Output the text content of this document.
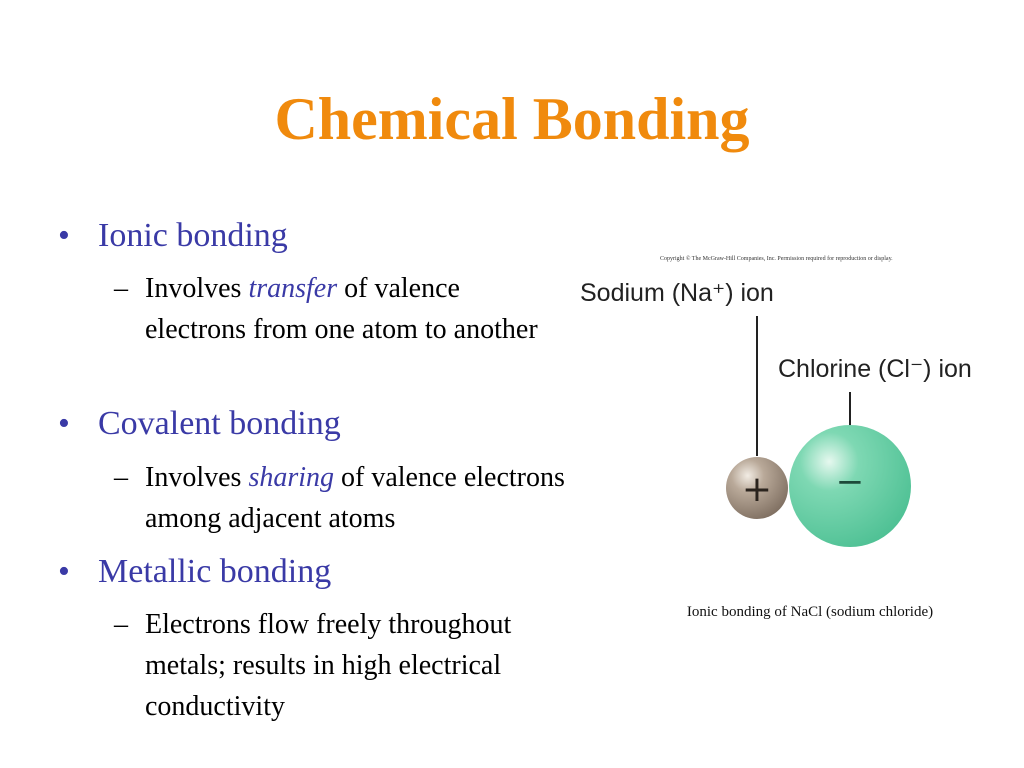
Chemical Bonding
• Ionic bonding
– Involves transfer of valence electrons from one atom to another
• Covalent bonding
– Involves sharing of valence electrons among adjacent atoms
• Metallic bonding
– Electrons flow freely throughout metals; results in high electrical conductivity
Copyright © The McGraw-Hill Companies, Inc. Permission required for reproduction or display.
Sodium (Na⁺) ion
Chlorine (Cl⁻) ion
−
+
Ionic bonding of NaCl (sodium chloride)
